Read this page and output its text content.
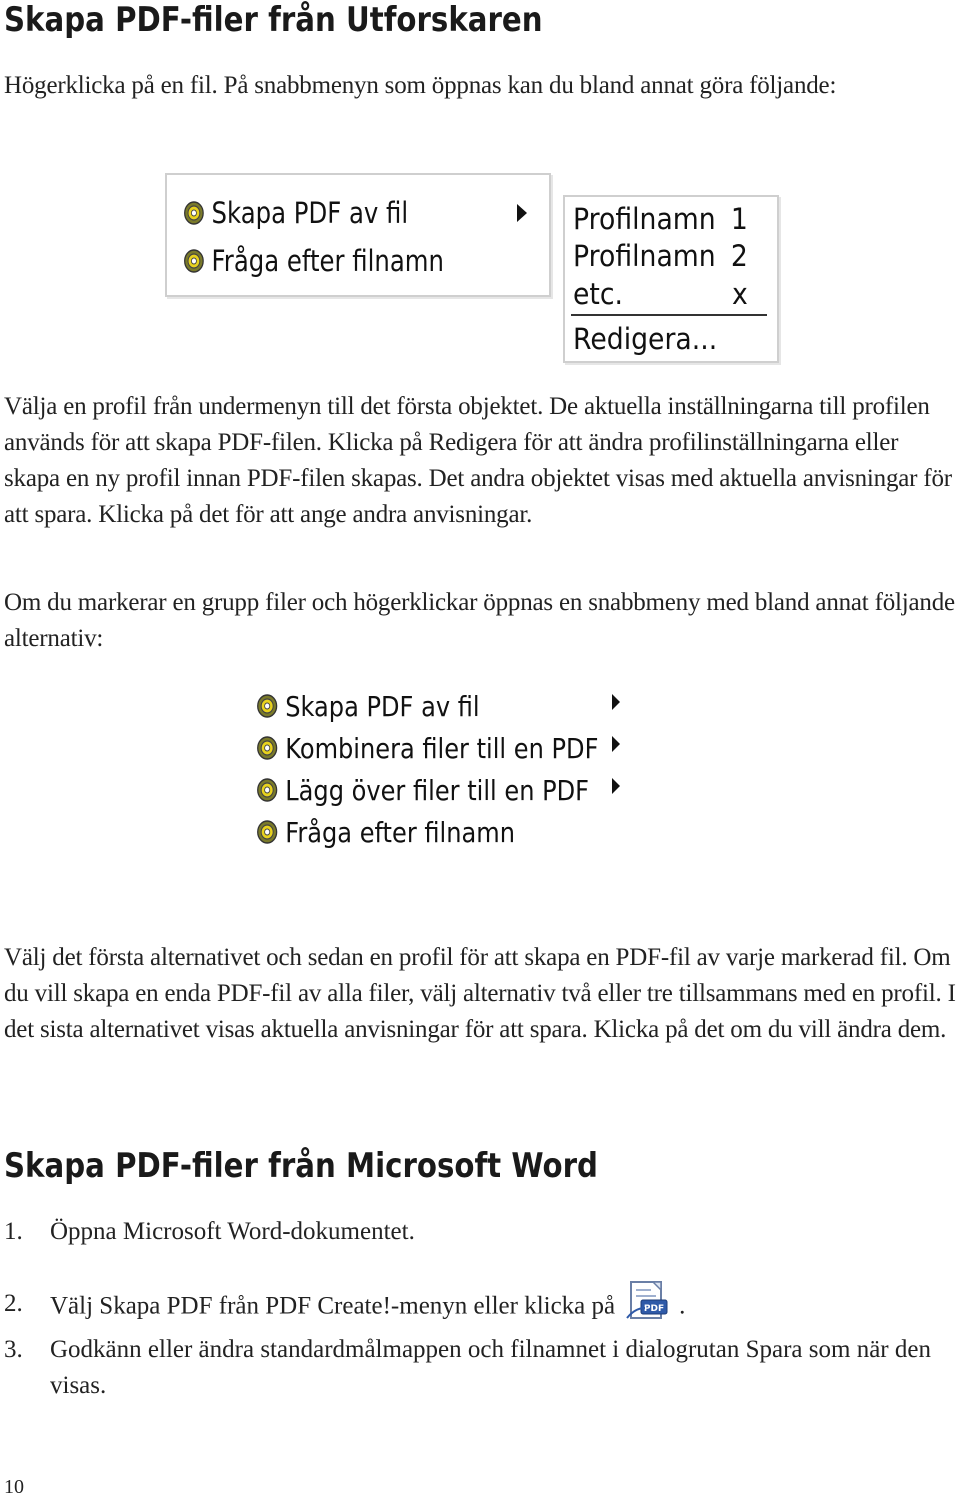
Skapa PDF-filer från Utforskaren

Högerklicka på en fil. På snabbmenyn som öppnas kan du bland annat göra följande:

Skapa PDF av fil
Fråga efter filnamn
Profilnamn 1
Profilnamn 2
etc.	x
Redigera...

Välja en profil från undermenyn till det första objektet. De aktuella inställningarna till profilen används för att skapa PDF-filen. Klicka på Redigera för att ändra profilinställningarna eller skapa en ny profil innan PDF-filen skapas. Det andra objektet visas med aktuella anvisningar för att spara. Klicka på det för att ange andra anvisningar.

Om du markerar en grupp filer och högerklickar öppnas en snabbmeny med bland annat följande alternativ:

Skapa PDF av fil
Kombinera filer till en PDF
Lägg över filer till en PDF
Fråga efter filnamn

Välj det första alternativet och sedan en profil för att skapa en PDF-fil av varje markerad fil. Om du vill skapa en enda PDF-fil av alla filer, välj alternativ två eller tre tillsammans med en profil. I det sista alternativet visas aktuella anvisningar för att spara. Klicka på det om du vill ändra dem.

Skapa PDF-filer från Microsoft Word
1. Öppna Microsoft Word-dokumentet.
2. Välj Skapa PDF från PDF Create!-menyn eller klicka på	PDF .
3. Godkänn eller ändra standardmålmappen och filnamnet i dialogrutan Spara som när den visas.
10
